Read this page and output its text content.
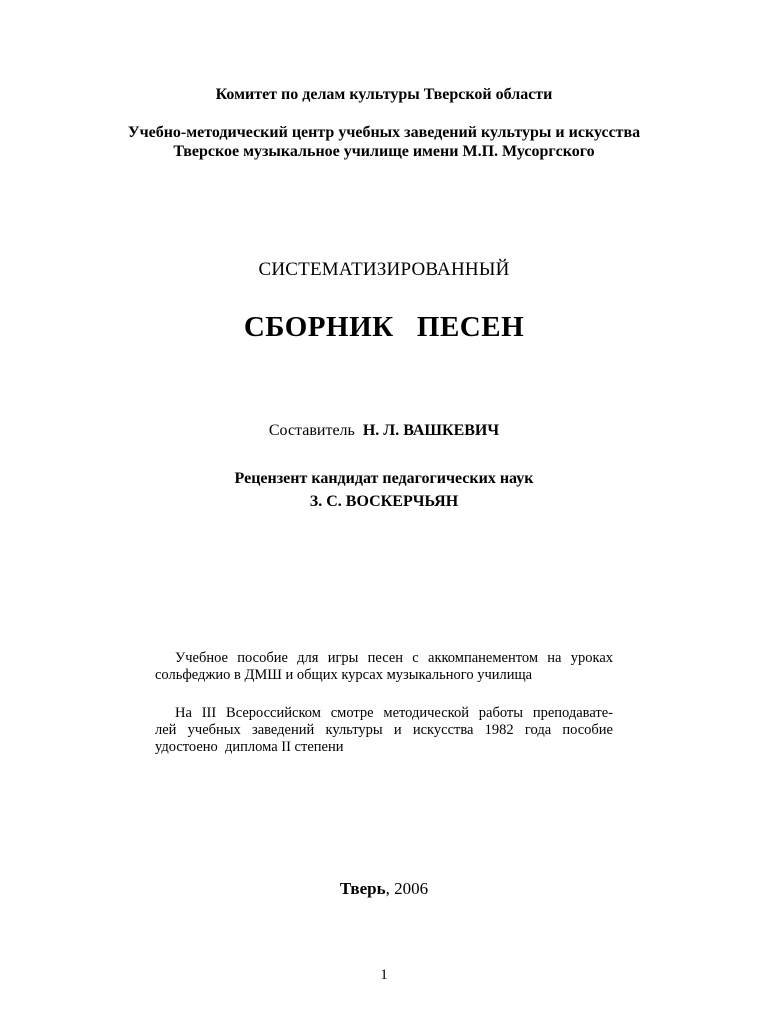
Комитет по делам культуры Тверской области
Учебно-методический центр учебных заведений культуры и искусства
Тверское музыкальное училище имени М.П. Мусоргского
СИСТЕМАТИЗИРОВАННЫЙ
СБОРНИК   ПЕСЕН
Составитель Н. Л. ВАШКЕВИЧ
Рецензент кандидат педагогических наук
З. С. ВОСКЕРЧЬЯН
Учебное пособие для игры песен с аккомпанементом на уроках
сольфеджио в ДМШ и общих курсах музыкального училища
На III Всероссийском смотре методической работы преподавате-
лей учебных заведений культуры и искусства 1982 года пособие
удостоено  диплома II степени
Тверь, 2006
1
